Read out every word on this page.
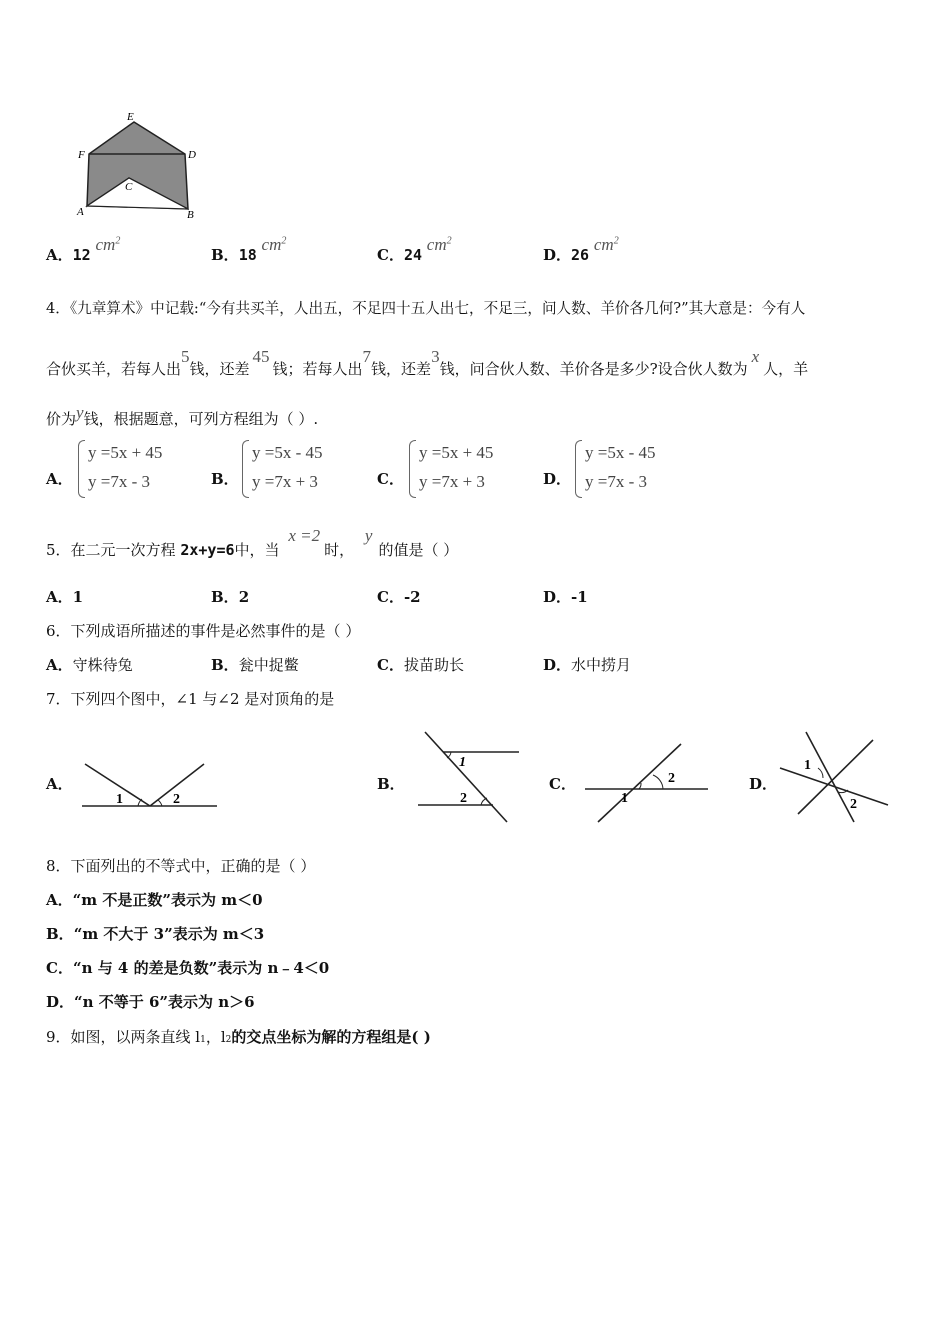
E
F	D
C
A	B
A．12 $cm^2$
B．18 $cm^2$
C．24 $cm^2$
D．26 $cm^2$
4．《九章算术》中记载:“今有共买羊，人出五，不足四十五人出七，不足三，问人数、羊价各几何?”其大意是：今有人
合伙买羊，若每人出5钱，还差45钱；若每人出7钱，还差3钱，问合伙人数、羊价各是多少?设合伙人数为x人，羊
价为y钱，根据题意，可列方程组为（ ）.
A．
y =5x + 45
y =7x - 3	B．
y =5x - 45
y =7x + 3	C．
y =5x + 45
y =7x + 3	D．
y =5x - 45
y =7x - 3
5．在二元一次方程 2x+y=6中，当 x =2时， y的值是（ ）
A．1	B．2	C．-2	D．-1
6．下列成语所描述的事件是必然事件的是（ ）
A．守株待兔	B．瓮中捉鳖	C．拔苗助长	D．水中捞月
7．下列四个图中，∠1 与∠2 是对顶角的是
A．	B．	C．	D．
1	2
1
2	1
2
1
2
8．下面列出的不等式中，正确的是（ ）
A．“m 不是正数”表示为 m＜0
B．“m 不大于 3”表示为 m＜3
C．“n 与 4 的差是负数”表示为 n﹣4＜0
D．“n 不等于 6”表示为 n＞6
9．如图，以两条直线 l1，l2的交点坐标为解的方程组是( )
